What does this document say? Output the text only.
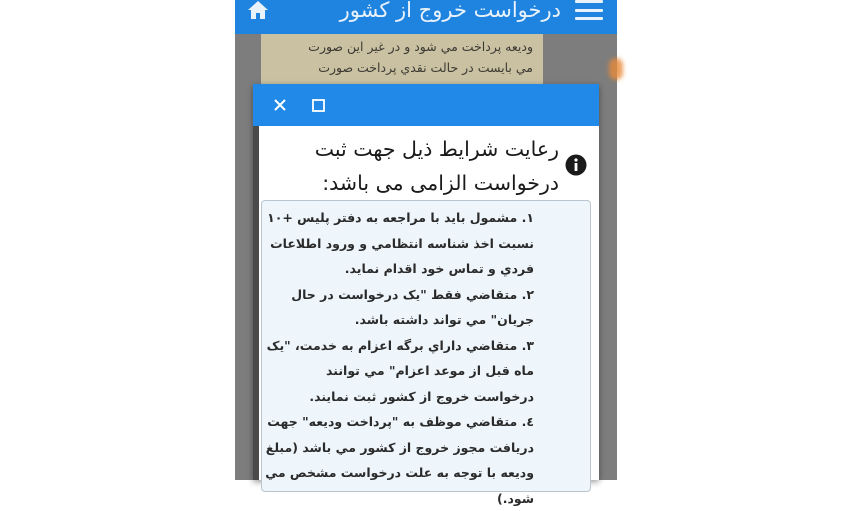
درخواست خروج از کشور

وديعه پرداخت مي شود و در غير اين صورت

مي بايست در حالت نقدي پرداخت صورت

رعایت شرایط ذیل جهت ثبت
درخواست الزامی می باشد:

۱. مشمول بايد با مراجعه به دفتر پليس +۱۰ نسبت اخذ شناسه انتظامي و ورود اطلاعات فردي و تماس خود اقدام نمايد.

۲. متقاضي فقط "يک درخواست در حال جريان" مي تواند داشته باشد.

۳. متقاضي داراي برگه اعزام به خدمت، "يک ماه قبل از موعد اعزام" مي توانند درخواست خروج از کشور ثبت نمايند.

٤. متقاضي موظف به "پرداخت وديعه" جهت دريافت مجوز خروج از کشور مي باشد (مبلغ وديعه با توجه به علت درخواست مشخص مي شود.)
